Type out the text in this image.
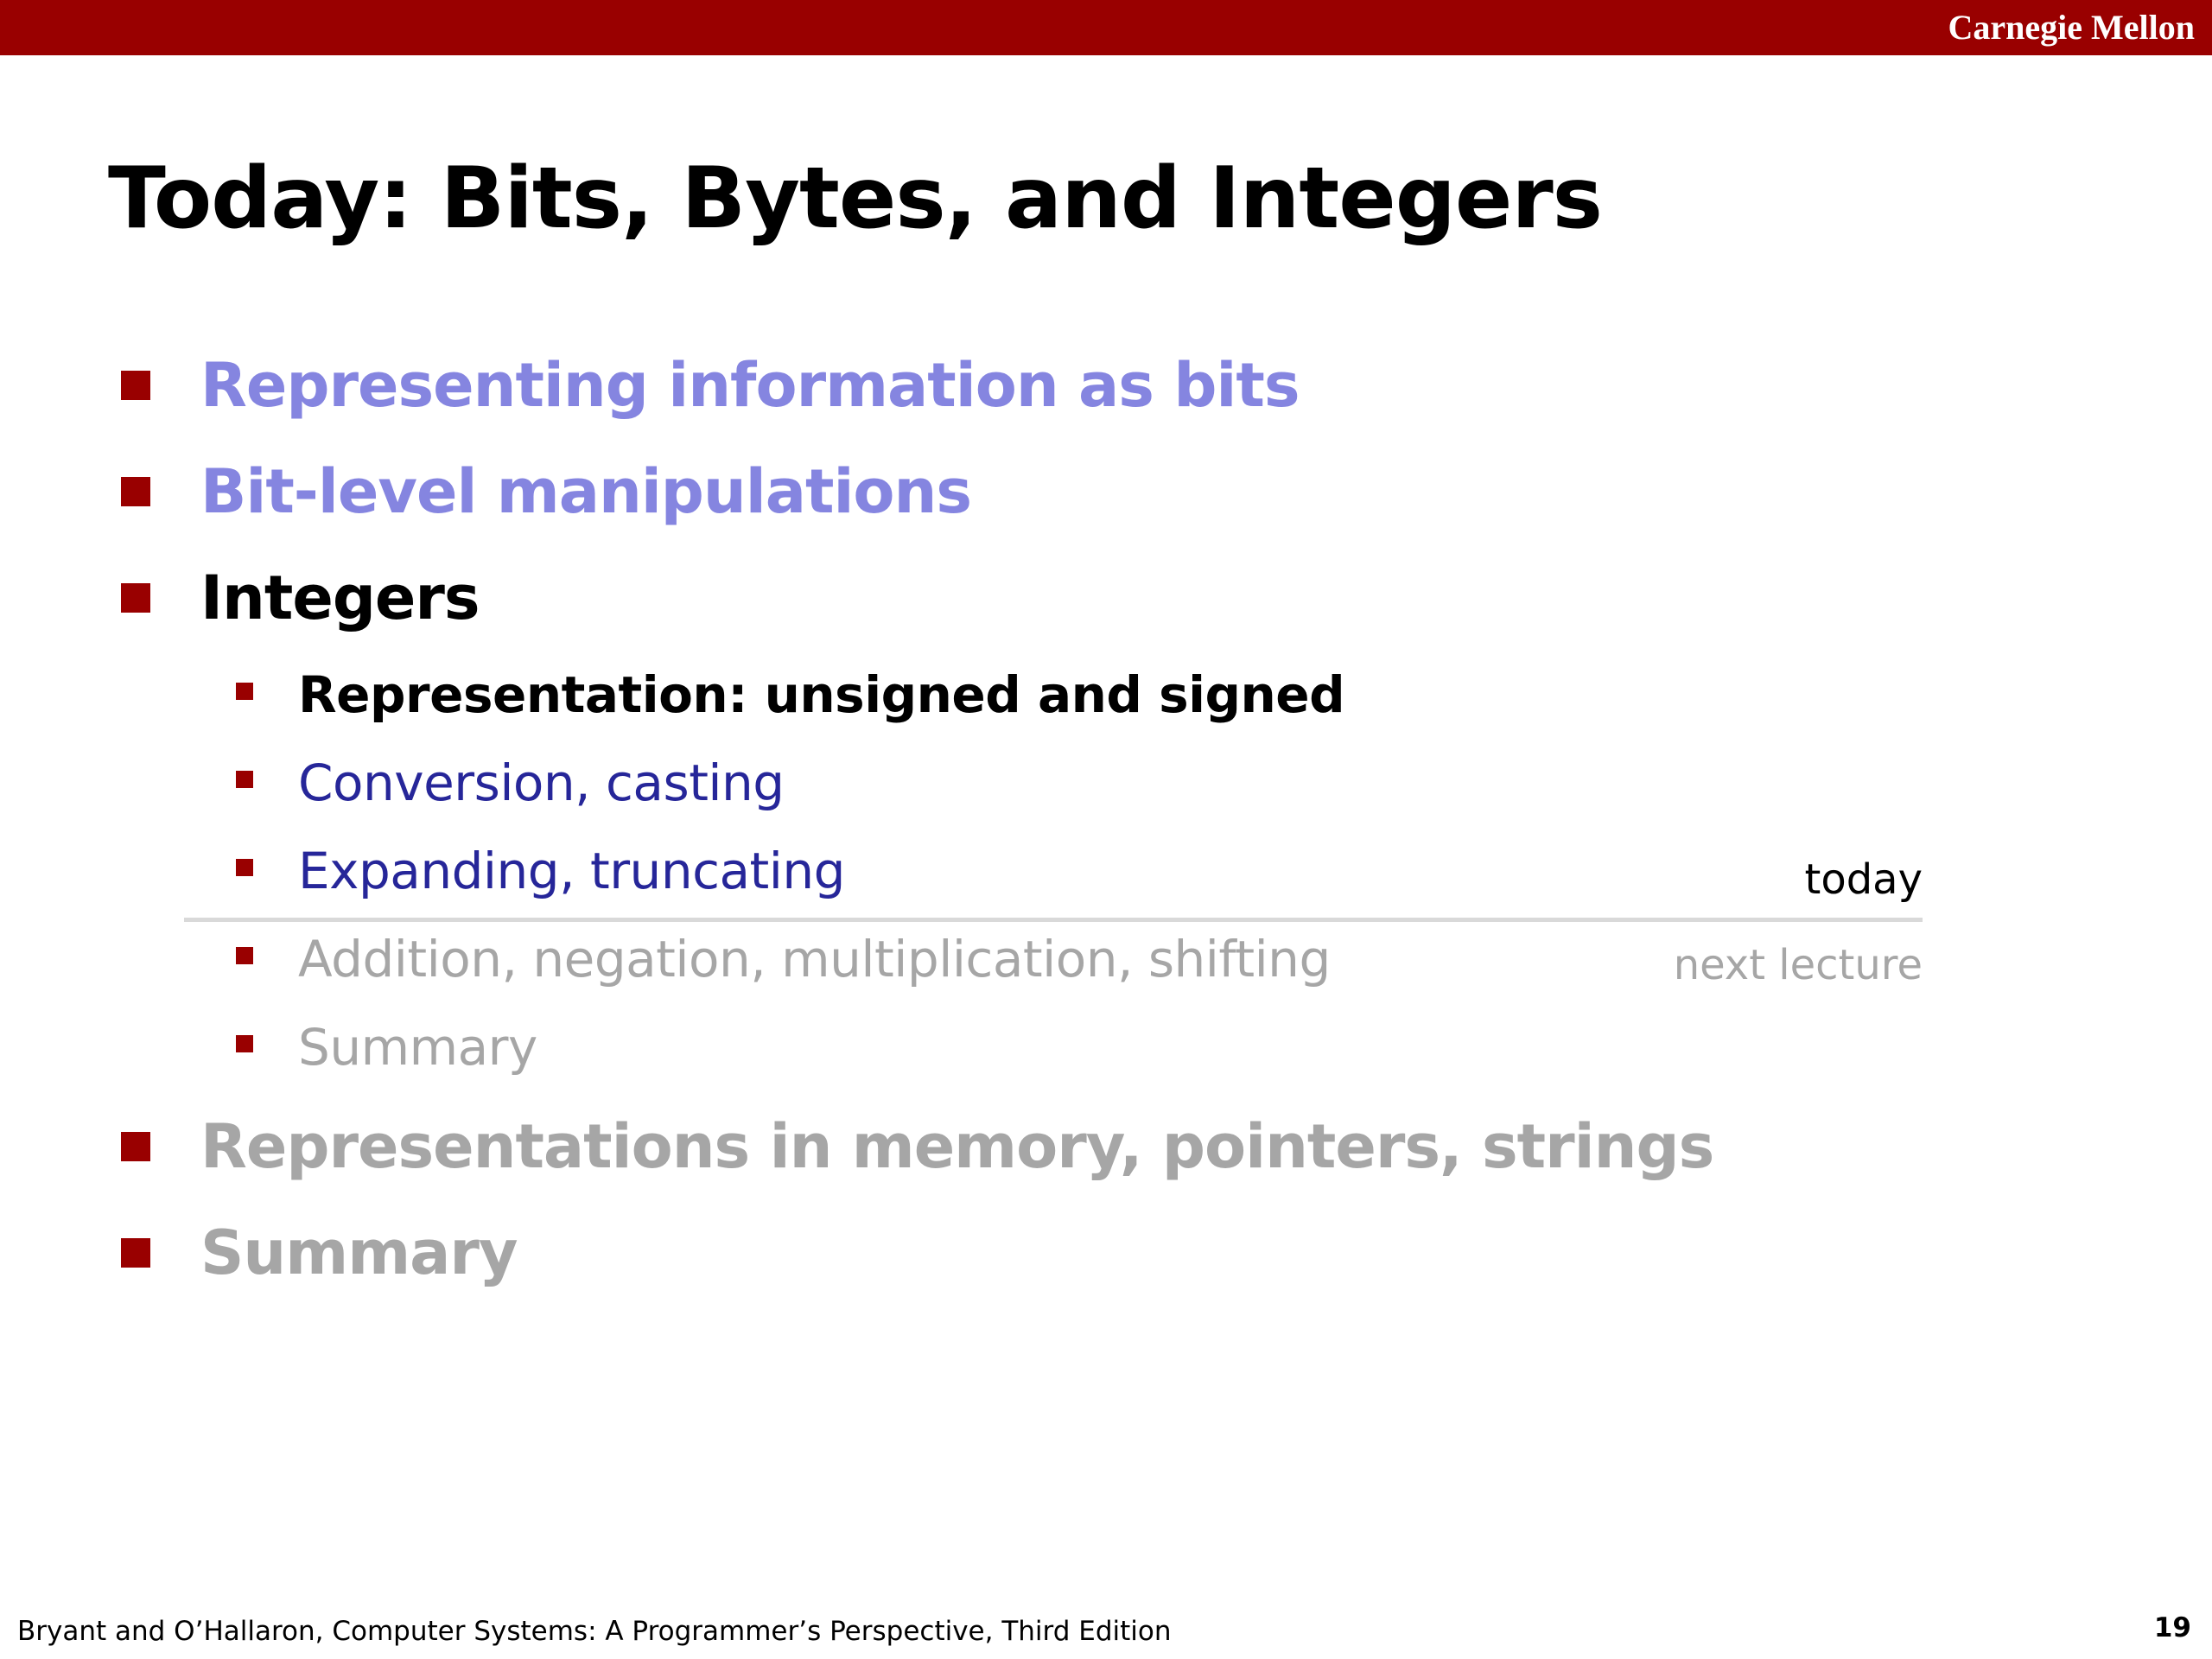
Carnegie Mellon
Today: Bits, Bytes, and Integers
Representing information as bits
Bit-level manipulations
Integers
Representation: unsigned and signed
Conversion, casting
Expanding, truncating	today
Addition, negation, multiplication, shifting	next lecture
Summary
Representations in memory, pointers, strings
Summary
Bryant and O’Hallaron, Computer Systems: A Programmer’s Perspective, Third Edition	19
